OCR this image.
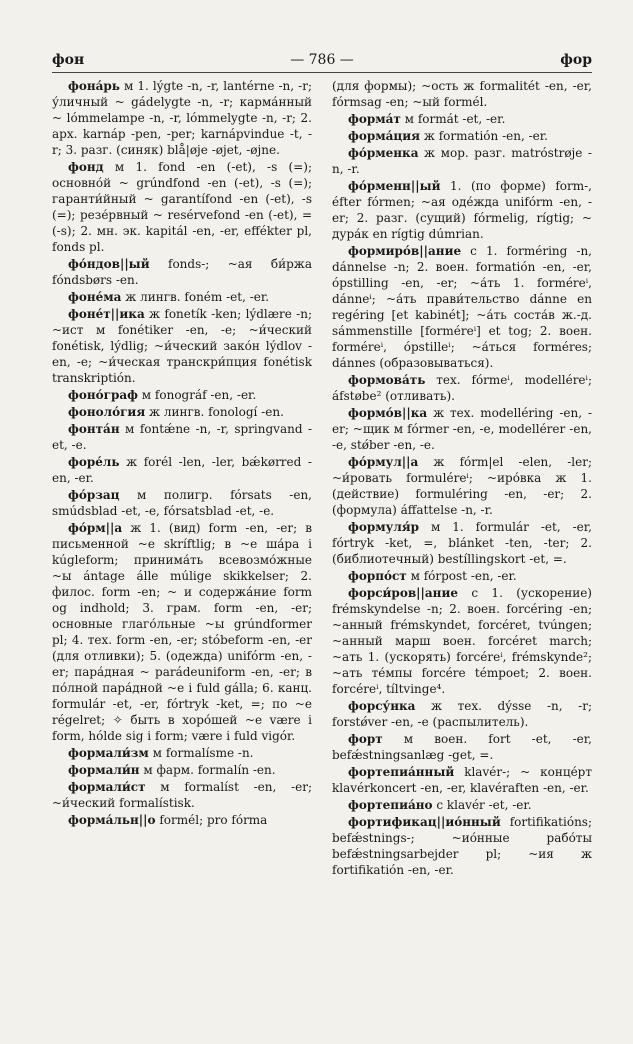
фон	— 786 —	фор

фона́рь м 1. lýgte -n, -r, lantérne -n, -r; у́личный ~ gádelygte -n, -r; карма́нный ~ lómmelampe -n, -r, lómmelygte -n, -r; 2. арх. karnáp -pen, -per; karnápvindue -t, -r; 3. разг. (синяк) blå|øje -øjet, -øjne.

фонд м 1. fond -en (-et), -s (=); основно́й ~ grúndfond -en (-et), -s (=); гаранти́йный ~ garantífond -en (-et), -s (=); резе́рвный ~ resérvefond -en (-et), = (-s); 2. мн. эк. kapitál -en, -er, effékter pl, fonds pl.

фо́ндов||ый fonds-; ~ая би́ржа fóndsbørs -en.

фоне́ма ж лингв. foném -et, -er.

фоне́т||ика ж fonetík -ken; lýdlære -n; ~ист м fonétiker -en, -e; ~и́ческий fonétisk, lýdlig; ~и́ческий зако́н lýdlov -en, -e; ~и́ческая транскри́пция fonétisk transkriptión.

фоно́граф м fonográf -en, -er.

фоноло́гия ж лингв. fonologí -en.

фонта́н м fontǽne -n, -r, springvand -et, -e.

форе́ль ж forél -len, -ler, bǽkørred -en, -er.

фо́рзац м полигр. fórsats -en, smúdsblad -et, -e, fórsatsblad -et, -e.

фо́рм||а ж 1. (вид) form -en, -er; в письменной ~е skríftlig; в ~е ша́ра i kúgleform; принима́ть всевозмо́жные ~ы ántage álle múlige skikkelser; 2. филос. form -en; ~ и содержа́ние form og indhold; 3. грам. form -en, -er; основные глаго́льные ~ы grúndformer pl; 4. тех. form -en, -er; stóbeform -en, -er (для отливки); 5. (одежда) unifórm -en, -er; пара́дная ~ parádeuniform -en, -er; в по́лной пара́дной ~е i fuld gálla; 6. канц. formulár -et, -er, fórtryk -ket, =; по ~е régelret; ✧ быть в хоро́шей ~е være i form, hólde sig i form; være i fuld vigór.

формали́зм м formalísme -n.

формали́н м фарм. formalín -en.

формали́ст м formalíst -en, -er; ~и́ческий formalístisk.

форма́льн||о formél; pro fórma

(для формы); ~ость ж formalitét -en, -er, fórmsag -en; ~ый formél.

форма́т м formát -et, -er.

форма́ция ж formatión -en, -er.

фо́рменка ж мор. разг. matróstrøje -n, -r.

фо́рменн||ый 1. (по форме) form-, éfter fórmen; ~ая оде́жда unifórm -en, -er; 2. разг. (сущий) fórmelig, rígtig; ~ дура́к en rígtig dúmrian.

формиро́в||ание с 1. forméring -n, dánnelse -n; 2. воен. formatión -en, -er, ópstilling -en, -er; ~а́ть 1. forméreⁱ, dánneⁱ; ~а́ть прави́тельство dánne en regéring [et kabinét]; ~а́ть соста́в ж.-д. sámmenstille [forméreⁱ] et tog; 2. воен. forméreⁱ, ópstilleⁱ; ~а́ться forméres; dánnes (образовываться).

формова́ть тех. fórmeⁱ, modelléreⁱ; áfstøbe² (отливать).

формо́в||ка ж тех. modelléring -en, -er; ~щик м fórmer -en, -e, modellérer -en, -e, stǿber -en, -e.

фо́рмул||а ж fórm|el -elen, -ler; ~и́ровать formuléreⁱ; ~иро́вка ж 1. (действие) formuléring -en, -er; 2. (формула) áffattelse -n, -r.

формуля́р м 1. formulár -et, -er, fórtryk -ket, =, blánket -ten, -ter; 2. (библиотечный) bestíllingskort -et, =.

форпо́ст м fórpost -en, -er.

форси́ров||ание с 1. (ускорение) frémskyndelse -n; 2. воен. forcéring -en; ~анный frémskyndet, forcéret, tvúngen; ~анный марш воен. forcéret march; ~ать 1. (ускорять) forcéreⁱ, frémskynde²; ~ать те́мпы forcére témpoet; 2. воен. forcéreⁱ, tíltvinge⁴.

форсу́нка ж тех. dýsse -n, -r; forstǿver -en, -e (распылитель).

форт м воен. fort -et, -er, befǽstningsanlæg -get, =.

фортепиа́нный klavér-; ~ конце́рт klavérkoncert -en, -er, klavéraften -en, -er.

фортепиа́но с klavér -et, -er.

фортификац||ио́нный fortifikatións; befǽstnings-; ~ио́нные рабо́ты befǽstningsarbejder pl; ~ия ж fortifikatión -en, -er.
